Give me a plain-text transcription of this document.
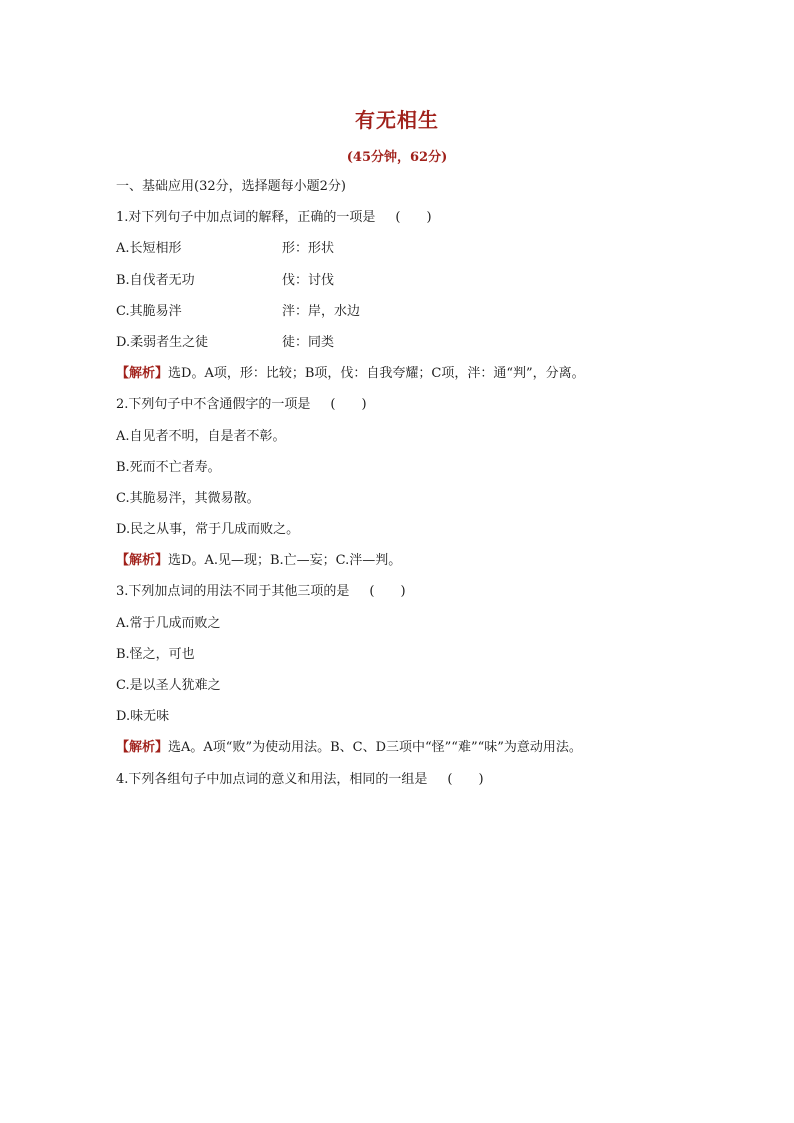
有无相生
(45分钟，62分)
一、基础应用(32分，选择题每小题2分)
1.对下列句子中加点词的解释，正确的一项是 (　　)
A.长短相形	形：形状
B.自伐者无功	伐：讨伐
C.其脆易泮	泮：岸，水边
D.柔弱者生之徒	徒：同类
【解析】选D。A项，形：比较；B项，伐：自我夸耀；C项，泮：通“判”，分离。
2.下列句子中不含通假字的一项是 (　　)
A.自见者不明，自是者不彰。
B.死而不亡者寿。
C.其脆易泮，其微易散。
D.民之从事，常于几成而败之。
【解析】选D。A.见—现；B.亡—妄；C.泮—判。
3.下列加点词的用法不同于其他三项的是 (　　)
A.常于几成而败之
B.怪之，可也
C.是以圣人犹难之
D.味无味
【解析】选A。A项“败”为使动用法。B、C、D三项中“怪”“难”“味”为意动用法。
4.下列各组句子中加点词的意义和用法，相同的一组是 (　　)
